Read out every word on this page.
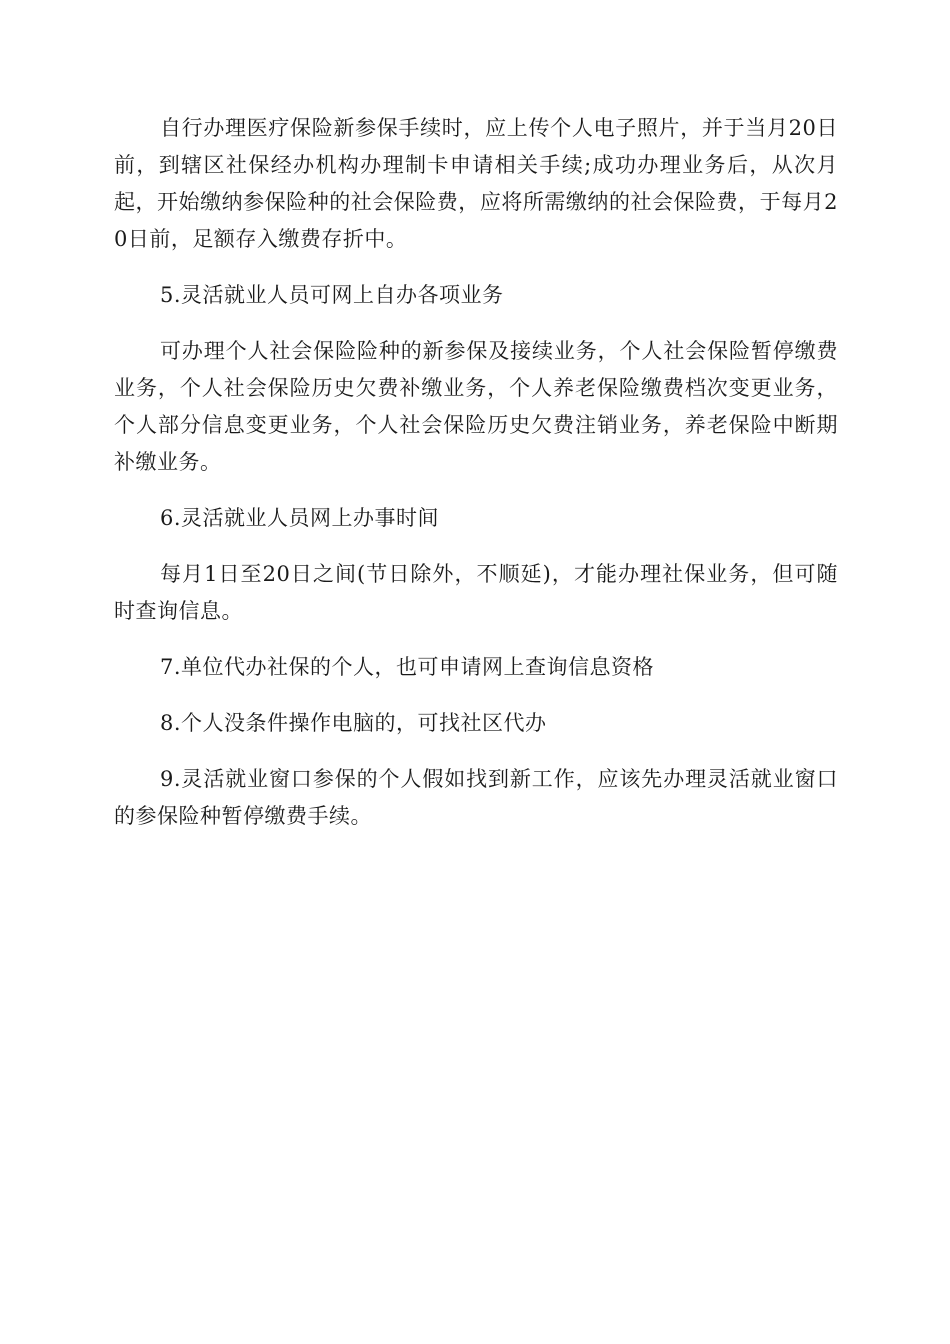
自行办理医疗保险新参保手续时，应上传个人电子照片，并于当月20日前，到辖区社保经办机构办理制卡申请相关手续;成功办理业务后，从次月起，开始缴纳参保险种的社会保险费，应将所需缴纳的社会保险费，于每月20日前，足额存入缴费存折中。

5.灵活就业人员可网上自办各项业务

可办理个人社会保险险种的新参保及接续业务，个人社会保险暂停缴费业务，个人社会保险历史欠费补缴业务，个人养老保险缴费档次变更业务，个人部分信息变更业务，个人社会保险历史欠费注销业务，养老保险中断期补缴业务。

6.灵活就业人员网上办事时间

每月1日至20日之间(节日除外，不顺延)，才能办理社保业务，但可随时查询信息。

7.单位代办社保的个人，也可申请网上查询信息资格

8.个人没条件操作电脑的，可找社区代办

9.灵活就业窗口参保的个人假如找到新工作，应该先办理灵活就业窗口的参保险种暂停缴费手续。
